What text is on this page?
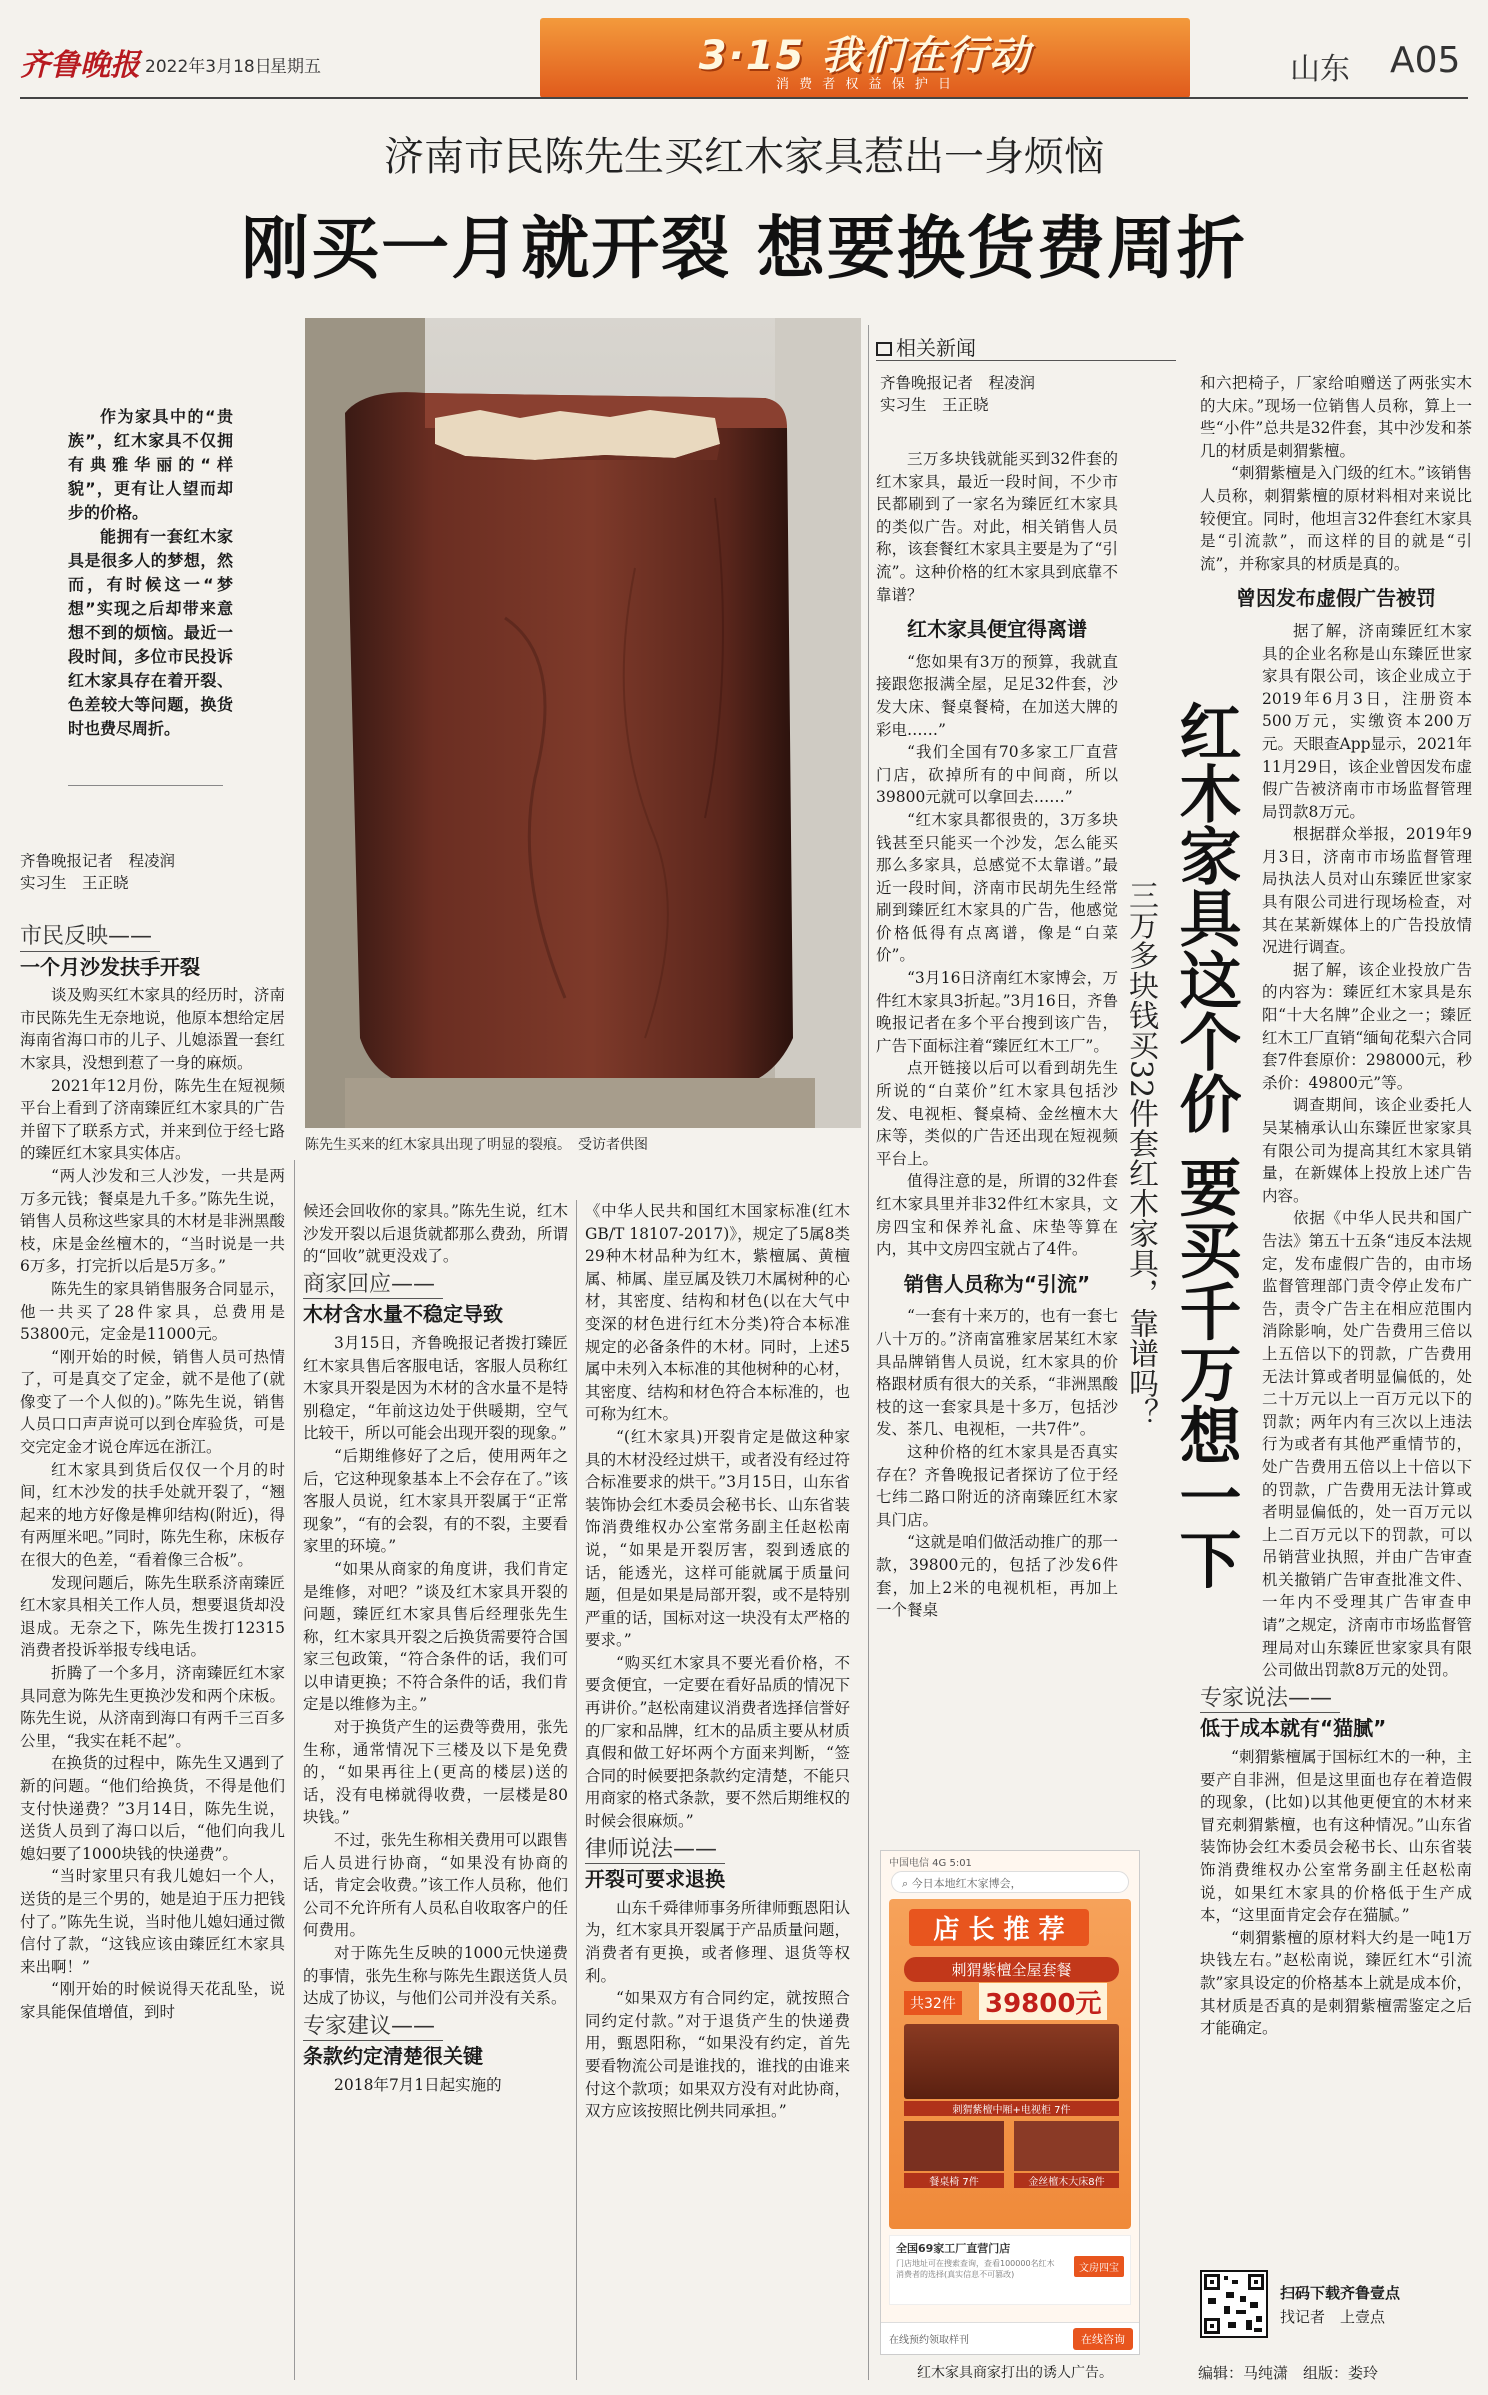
齐鲁晚报 2022年3月18日
星期五	3·15 我们在行动
消 费 者 权 益 保 护 日	山东 A05
济南市民陈先生买红木家具惹出一身烦恼
刚买一月就开裂 想要换货费周折

作为家具中的“贵族”，红木家具不仅拥有典雅华丽的“样貌”，更有让人望而却步的价格。

能拥有一套红木家具是很多人的梦想，然而，有时候这一“梦想”实现之后却带来意想不到的烦恼。最近一段时间，多位市民投诉红木家具存在着开裂、色差较大等问题，换货时也费尽周折。

齐鲁晚报记者　程凌润
实习生　王正晓
陈先生买来的红木家具出现了明显的裂痕。　受访者供图
市民反映——
一个月沙发扶手开裂

谈及购买红木家具的经历时，济南市民陈先生无奈地说，他原本想给定居海南省海口市的儿子、儿媳添置一套红木家具，没想到惹了一身的麻烦。

2021年12月份，陈先生在短视频平台上看到了济南臻匠红木家具的广告并留下了联系方式，并来到位于经七路的臻匠红木家具实体店。

“两人沙发和三人沙发，一共是两万多元钱；餐桌是九千多。”陈先生说，销售人员称这些家具的木材是非洲黑酸枝，床是金丝檀木的，“当时说是一共6万多，打完折以后是5万多。”

陈先生的家具销售服务合同显示，他一共买了28件家具，总费用是53800元，定金是11000元。

“刚开始的时候，销售人员可热情了，可是真交了定金，就不是他了(就像变了一个人似的)。”陈先生说，销售人员口口声声说可以到仓库验货，可是交完定金才说仓库远在浙江。

红木家具到货后仅仅一个月的时间，红木沙发的扶手处就开裂了，“翘起来的地方好像是榫卯结构(附近)，得有两厘米吧。”同时，陈先生称，床板存在很大的色差，“看着像三合板”。

发现问题后，陈先生联系济南臻匠红木家具相关工作人员，想要退货却没退成。无奈之下，陈先生拨打12315消费者投诉举报专线电话。

折腾了一个多月，济南臻匠红木家具同意为陈先生更换沙发和两个床板。陈先生说，从济南到海口有两千三百多公里，“我实在耗不起”。

在换货的过程中，陈先生又遇到了新的问题。“他们给换货，不得是他们支付快递费？”3月14日，陈先生说，送货人员到了海口以后，“他们向我儿媳妇要了1000块钱的快递费”。

“当时家里只有我儿媳妇一个人，送货的是三个男的，她是迫于压力把钱付了。”陈先生说，当时他儿媳妇通过微信付了款，“这钱应该由臻匠红木家具来出啊！”

“刚开始的时候说得天花乱坠，说家具能保值增值，到时

候还会回收你的家具。”陈先生说，红木沙发开裂以后退货就都那么费劲，所谓的“回收”就更没戏了。

商家回应——
木材含水量不稳定导致

3月15日，齐鲁晚报记者拨打臻匠红木家具售后客服电话，客服人员称红木家具开裂是因为木材的含水量不是特别稳定，“年前这边处于供暖期，空气比较干，所以可能会出现开裂的现象。”

“后期维修好了之后，使用两年之后，它这种现象基本上不会存在了。”该客服人员说，红木家具开裂属于“正常现象”，“有的会裂，有的不裂，主要看家里的环境。”

“如果从商家的角度讲，我们肯定是维修，对吧？”谈及红木家具开裂的问题，臻匠红木家具售后经理张先生称，红木家具开裂之后换货需要符合国家三包政策，“符合条件的话，我们可以申请更换；不符合条件的话，我们肯定是以维修为主。”

对于换货产生的运费等费用，张先生称，通常情况下三楼及以下是免费的，“如果再往上(更高的楼层)送的话，没有电梯就得收费，一层楼是80块钱。”

不过，张先生称相关费用可以跟售后人员进行协商，“如果没有协商的话，肯定会收费。”该工作人员称，他们公司不允许所有人员私自收取客户的任何费用。

对于陈先生反映的1000元快递费的事情，张先生称与陈先生跟送货人员达成了协议，与他们公司并没有关系。

专家建议——
条款约定清楚很关键

2018年7月1日起实施的

《中华人民共和国红木国家标准(红木GB/T 18107-2017)》，规定了5属8类29种木材品种为红木，紫檀属、黄檀属、柿属、崖豆属及铁刀木属树种的心材，其密度、结构和材色(以在大气中变深的材色进行红木分类)符合本标准规定的必备条件的木材。同时，上述5属中未列入本标准的其他树种的心材，其密度、结构和材色符合本标准的，也可称为红木。

“(红木家具)开裂肯定是做这种家具的木材没经过烘干，或者没有经过符合标准要求的烘干。”3月15日，山东省装饰协会红木委员会秘书长、山东省装饰消费维权办公室常务副主任赵松南说，“如果是开裂厉害，裂到透底的话，能透光，这样可能就属于质量问题，但是如果是局部开裂，或不是特别严重的话，国标对这一块没有太严格的要求。”

“购买红木家具不要光看价格，不要贪便宜，一定要在看好品质的情况下再讲价。”赵松南建议消费者选择信誉好的厂家和品牌，红木的品质主要从材质真假和做工好坏两个方面来判断，“签合同的时候要把条款约定清楚，不能只用商家的格式条款，要不然后期维权的时候会很麻烦。”

律师说法——
开裂可要求退换

山东千舜律师事务所律师甄恩阳认为，红木家具开裂属于产品质量问题，消费者有更换，或者修理、退货等权利。

“如果双方有合同约定，就按照合同约定付款。”对于退货产生的快递费用，甄恩阳称，“如果没有约定，首先要看物流公司是谁找的，谁找的由谁来付这个款项；如果双方没有对此协商，双方应该按照比例共同承担。”

相关新闻
齐鲁晚报记者　程凌润
实习生　王正晓

三万多块钱就能买到32件套的红木家具，最近一段时间，不少市民都刷到了一家名为臻匠红木家具的类似广告。对此，相关销售人员称，该套餐红木家具主要是为了“引流”。这种价格的红木家具到底靠不靠谱？

红木家具便宜得离谱

“您如果有3万的预算，我就直接跟您报满全屋，足足32件套，沙发大床、餐桌餐椅，在加送大牌的彩电……”

“我们全国有70多家工厂直营门店，砍掉所有的中间商，所以39800元就可以拿回去……”

“红木家具都很贵的，3万多块钱甚至只能买一个沙发，怎么能买那么多家具，总感觉不太靠谱。”最近一段时间，济南市民胡先生经常刷到臻匠红木家具的广告，他感觉价格低得有点离谱，像是“白菜价”。

“3月16日济南红木家博会，万件红木家具3折起。”3月16日，齐鲁晚报记者在多个平台搜到该广告，广告下面标注着“臻匠红木工厂”。

点开链接以后可以看到胡先生所说的“白菜价”红木家具包括沙发、电视柜、餐桌椅、金丝檀木大床等，类似的广告还出现在短视频平台上。

值得注意的是，所谓的32件套红木家具里并非32件红木家具，文房四宝和保养礼盒、床垫等算在内，其中文房四宝就占了4件。

销售人员称为“引流”

“一套有十来万的，也有一套七八十万的。”济南富雅家居某红木家具品牌销售人员说，红木家具的价格跟材质有很大的关系，“非洲黑酸枝的这一套家具是十多万，包括沙发、茶几、电视柜，一共7件”。

这种价格的红木家具是否真实存在？齐鲁晚报记者探访了位于经七纬二路口附近的济南臻匠红木家具门店。

“这就是咱们做活动推广的那一款，39800元的，包括了沙发6件套，加上2米的电视机柜，再加上一个餐桌

三万多块钱买32件套红木家具，靠谱吗？ 红木家具这个价 要买千万想一下

和六把椅子，厂家给咱赠送了两张实木的大床。”现场一位销售人员称，算上一些“小件”总共是32件套，其中沙发和茶几的材质是刺猬紫檀。

“刺猬紫檀是入门级的红木。”该销售人员称，刺猬紫檀的原材料相对来说比较便宜。同时，他坦言32件套红木家具是“引流款”，而这样的目的就是“引流”，并称家具的材质是真的。

曾因发布虚假广告被罚

据了解，济南臻匠红木家具的企业名称是山东臻匠世家家具有限公司，该企业成立于2019年6月3日，注册资本500万元，实缴资本200万元。天眼查App显示，2021年11月29日，该企业曾因发布虚假广告被济南市市场监督管理局罚款8万元。

根据群众举报，2019年9月3日，济南市市场监督管理局执法人员对山东臻匠世家家具有限公司进行现场检查，对其在某新媒体上的广告投放情况进行调查。

据了解，该企业投放广告的内容为：臻匠红木家具是东阳“十大名牌”企业之一；臻匠红木工厂直销“缅甸花梨六合同套7件套原价：298000元，秒杀价：49800元”等。

调查期间，该企业委托人吴某楠承认山东臻匠世家家具有限公司为提高其红木家具销量，在新媒体上投放上述广告内容。

依据《中华人民共和国广告法》第五十五条“违反本法规定，发布虚假广告的，由市场监督管理部门责令停止发布广告，责令广告主在相应范围内消除影响，处广告费用三倍以上五倍以下的罚款，广告费用无法计算或者明显偏低的，处二十万元以上一百万元以下的罚款；两年内有三次以上违法行为或者有其他严重情节的，处广告费用五倍以上十倍以下的罚款，广告费用无法计算或者明显偏低的，处一百万元以上二百万元以下的罚款，可以吊销营业执照，并由广告审查机关撤销广告审查批准文件、一年内不受理其广告审查申请”之规定，济南市市场监督管理局对山东臻匠世家家具有限公司做出罚款8万元的处罚。

专家说法——
低于成本就有“猫腻”

“刺猬紫檀属于国标红木的一种，主要产自非洲，但是这里面也存在着造假的现象，(比如)以其他更便宜的木材来冒充刺猬紫檀，也有这种情况。”山东省装饰协会红木委员会秘书长、山东省装饰消费维权办公室常务副主任赵松南说，如果红木家具的价格低于生产成本，“这里面肯定会存在猫腻。”

“刺猬紫檀的原材料大约是一吨1万块钱左右。”赵松南说，臻匠红木“引流款”家具设定的价格基本上就是成本价，其材质是否真的是刺猬紫檀需鉴定之后才能确定。

中国电信 4G 5:01
⌕ 今日本地红木家博会，
店 长 推 荐
刺猬紫檀全屋套餐
共32件 39800元
刺猬紫檀中厢+电视柜 7件
餐桌椅 7件	金丝檀木大床8件
全国69家工厂直营门店
门店地址可在搜索查询，查看100000名红木消费者的选择(真实信息不可篡改)
文房四宝
在线预约领取样刊	在线咨询
红木家具商家打出的诱人广告。
扫码下载齐鲁壹点
找记者　上壹点
编辑：马纯潇　组版：娄玲
